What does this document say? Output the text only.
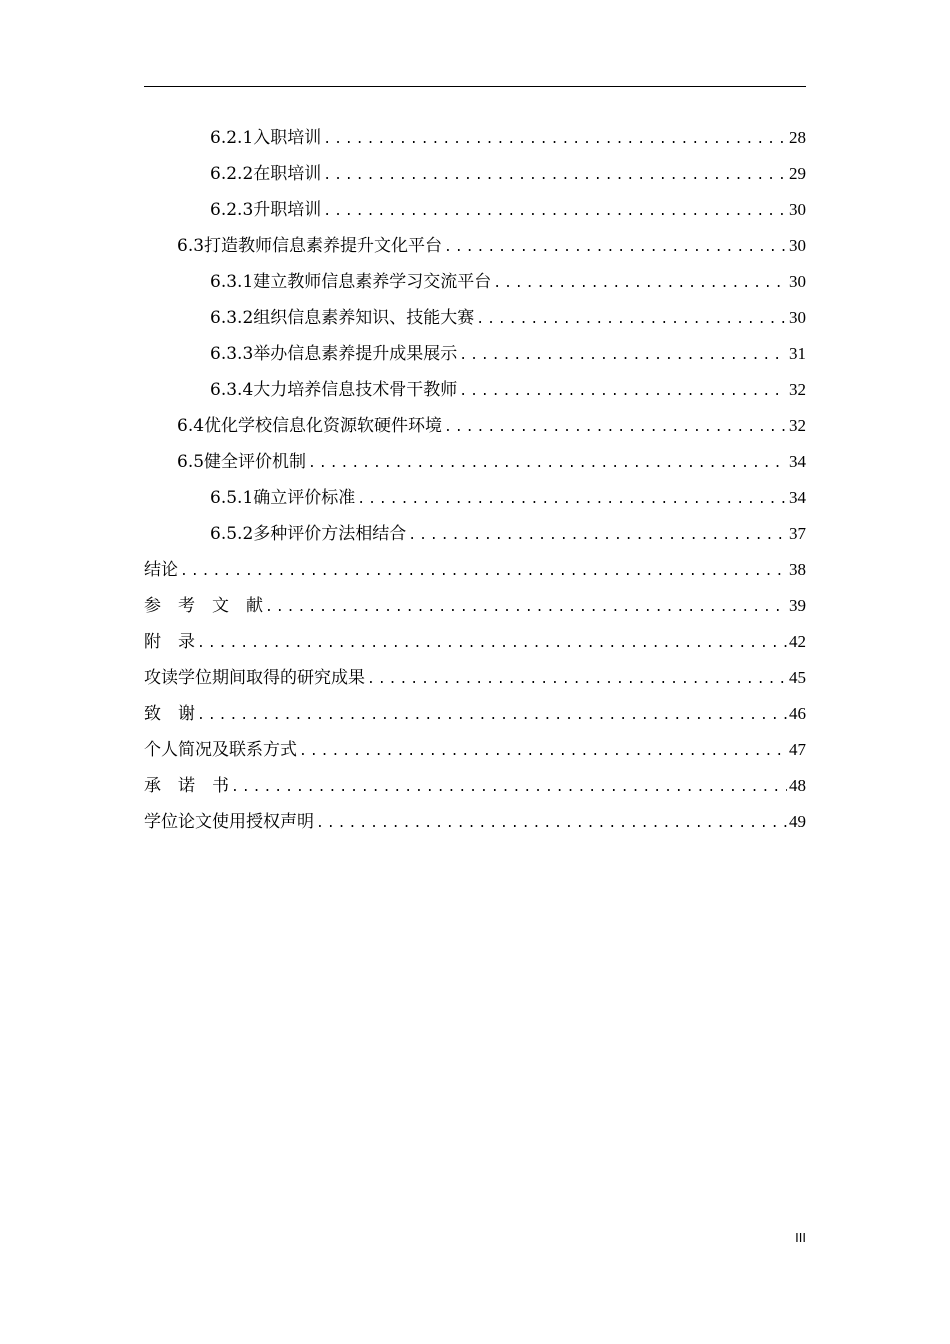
6.2.1入职培训 .....	28
6.2.2在职培训 .....	29
6.2.3升职培训 .....	30
6.3打造教师信息素养提升文化平台 .....	30
6.3.1建立教师信息素养学习交流平台 .....	30
6.3.2组织信息素养知识、技能大赛 .....	30
6.3.3举办信息素养提升成果展示 .....	31
6.3.4大力培养信息技术骨干教师 .....	32
6.4优化学校信息化资源软硬件环境 .....	32
6.5健全评价机制 .....	34
6.5.1确立评价标准 .....	34
6.5.2多种评价方法相结合 .....	37
结论 .....	38
参　考　文　献 .....	39
附　录 .....	42
攻读学位期间取得的研究成果 .....	45
致　谢 .....	46
个人简况及联系方式 .....	47
承　诺　书 .....	48
学位论文使用授权声明 .....	49
III
